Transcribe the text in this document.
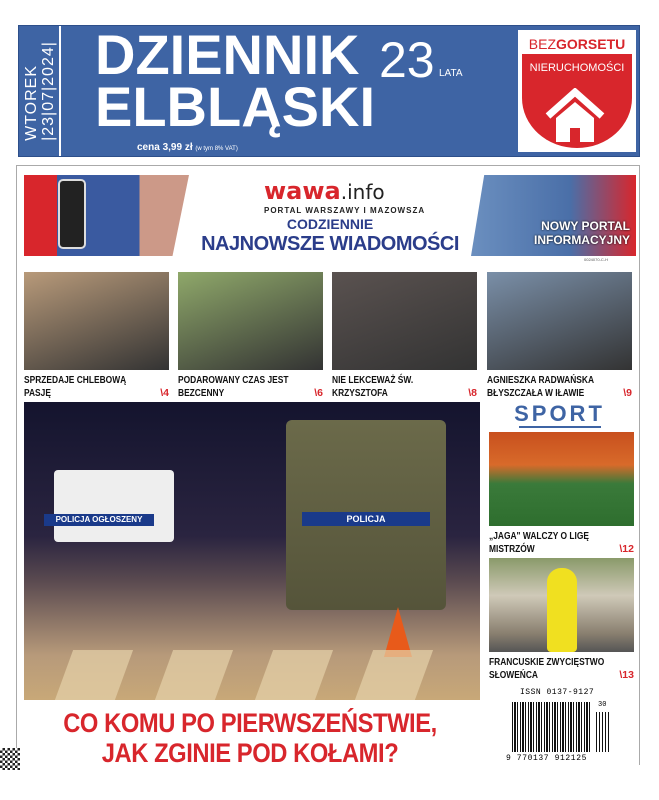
WTOREK
|23|07|2024| DZIENNIK
ELBLĄSKI
23 LATA
cena 3,99 zł (w tym 8% VAT)
BEZGORSETU
NIERUCHOMOŚCI
wawa.info
PORTAL WARSZAWY I MAZOWSZA
CODZIENNIE
NAJNOWSZE WIADOMOŚCI
NOWY PORTAL
INFORMACYJNY
0024070-C-H
SPRZEDAJE CHLEBOWĄ PASJĘ	\4
PODAROWANY CZAS JEST BEZCENNY	\6
NIE LEKCEWAŻ ŚW. KRZYSZTOFA	\8
AGNIESZKA RADWAŃSKA BŁYSZCZAŁA W IŁAWIE	\9
POLICJA OGŁOSZENY	POLICJA
SPORT
„JAGA" WALCZY O LIGĘ MISTRZÓW	\12
FRANCUSKIE ZWYCIĘSTWO SŁOWEŃCA	\13
CO KOMU PO PIERWSZEŃSTWIE,
JAK ZGINIE POD KOŁAMI?
ISSN 0137-9127
30
9 770137 912125
